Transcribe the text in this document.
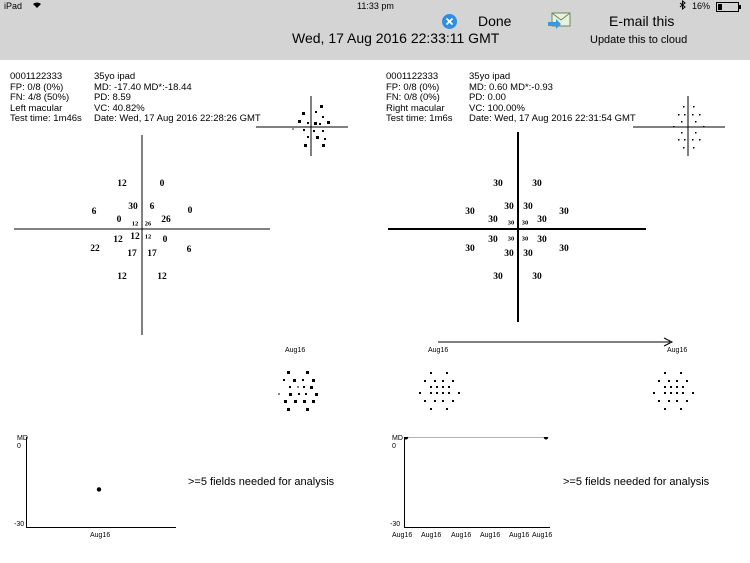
iPad	11:33 pm	16%
Done
Wed, 17 Aug 2016 22:33:11 GMT
E-mail this
Update this to cloud
0001122333
FP: 0/8 (0%)
FN: 4/8 (50%)
Left macular
Test time: 1m46s
35yo ipad
MD: -17.40 MD*:-18.44
PD: 8.59
VC: 40.82%
Date: Wed, 17 Aug 2016 22:28:26 GMT
12	0
30 6
6
26
0
0 12 26
12
12 12 0
6
22	17 17
12	12
Aug16
MD
0
-30
Aug16
>=5 fields needed for analysis
0001122333
FP: 0/8 (0%)
FN: 0/8 (0%)
Right macular
Test time: 1m6s
35yo ipad
MD: 0.60 MD*:-0.93
PD: 0.00
VC: 100.00%
Date: Wed, 17 Aug 2016 22:31:54 GMT
30	30
30 30
30	30
30	30
30 30
30 30
30	30
30	30
30 30
30	30
Aug16	Aug16
MD
0
-30
Aug16 Aug16 Aug16 Aug16 Aug16 Aug16
>=5 fields needed for analysis
